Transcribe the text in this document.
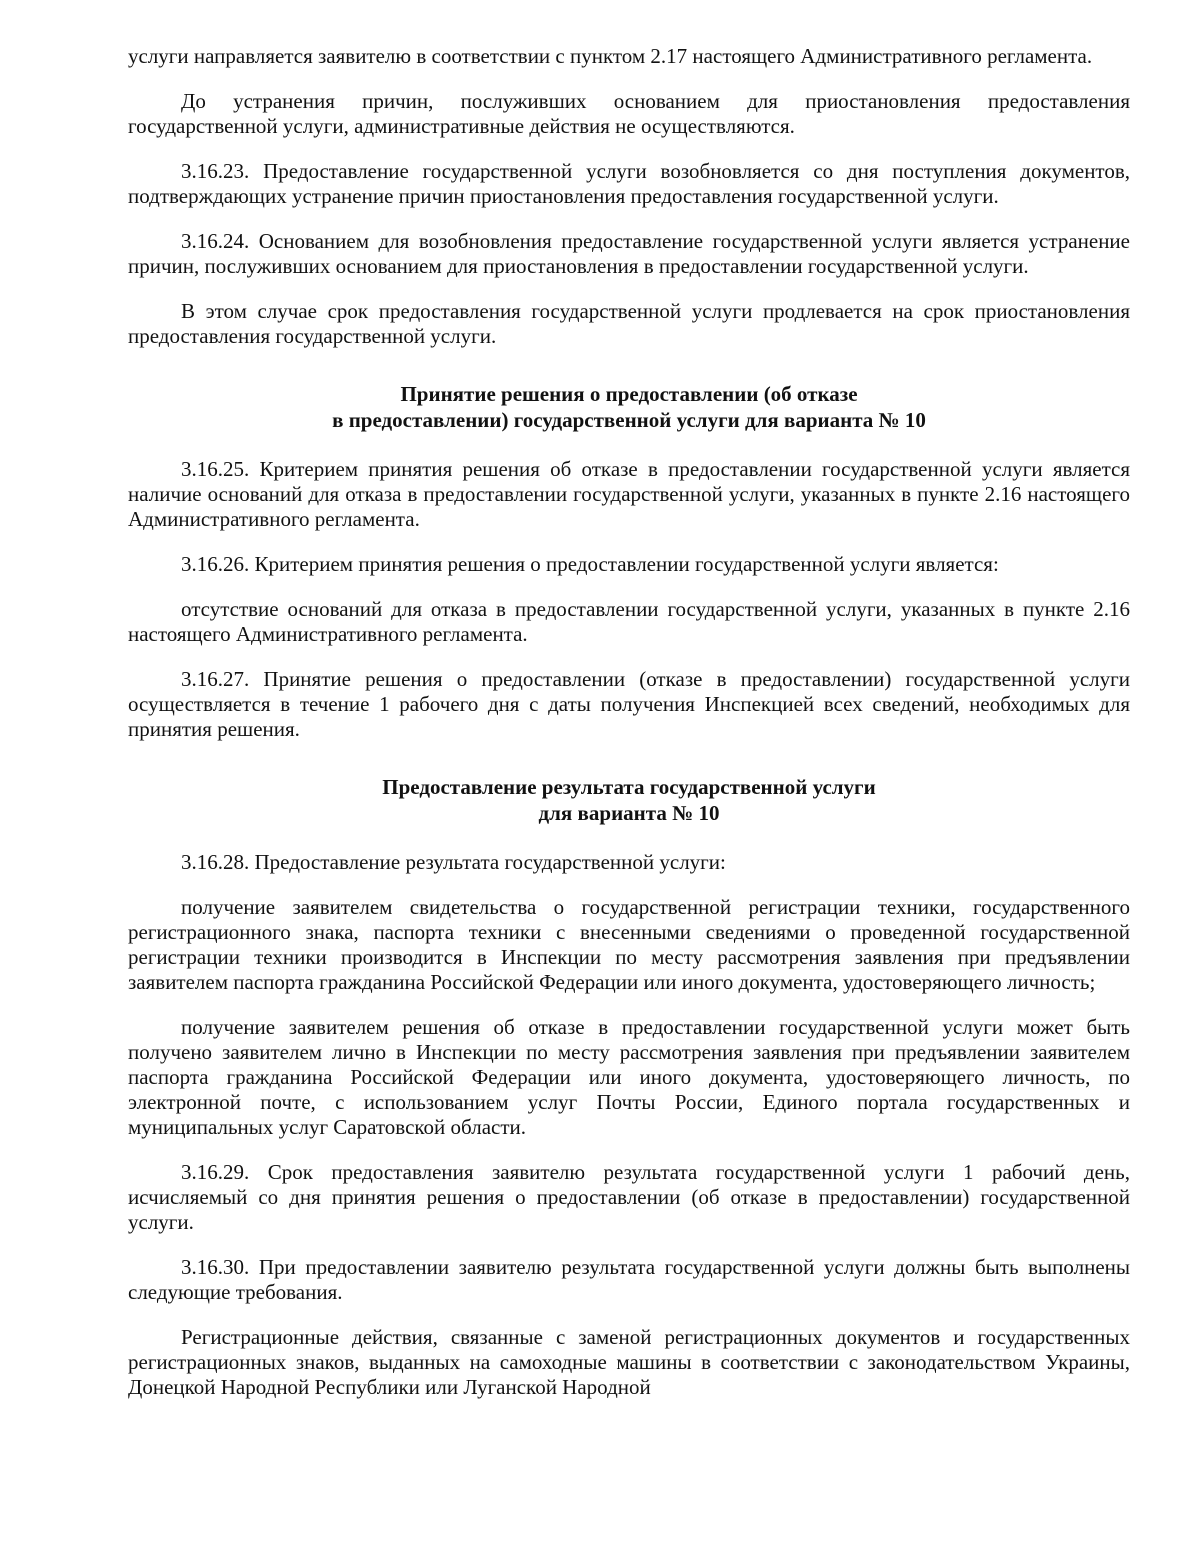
услуги направляется заявителю в соответствии с пунктом 2.17 настоящего Административного регламента.

До устранения причин, послуживших основанием для приостановления предоставления государственной услуги, административные действия не осуществляются.

3.16.23. Предоставление государственной услуги возобновляется со дня поступления документов, подтверждающих устранение причин приостановления предоставления государственной услуги.

3.16.24. Основанием для возобновления предоставление государственной услуги является устранение причин, послуживших основанием для приостановления в предоставлении государственной услуги.

В этом случае срок предоставления государственной услуги продлевается на срок приостановления предоставления государственной услуги.

Принятие решения о предоставлении (об отказе
в предоставлении) государственной услуги для варианта № 10

3.16.25. Критерием принятия решения об отказе в предоставлении государственной услуги является наличие оснований для отказа в предоставлении государственной услуги, указанных в пункте 2.16 настоящего Административного регламента.

3.16.26. Критерием принятия решения о предоставлении государственной услуги является:

отсутствие оснований для отказа в предоставлении государственной услуги, указанных в пункте 2.16 настоящего Административного регламента.

3.16.27. Принятие решения о предоставлении (отказе в предоставлении) государственной услуги осуществляется в течение 1 рабочего дня с даты получения Инспекцией всех сведений, необходимых для принятия решения.

Предоставление результата государственной услуги
для варианта № 10

3.16.28. Предоставление результата государственной услуги:

получение заявителем свидетельства о государственной регистрации техники, государственного регистрационного знака, паспорта техники с внесенными сведениями о проведенной государственной регистрации техники производится в Инспекции по месту рассмотрения заявления при предъявлении заявителем паспорта гражданина Российской Федерации или иного документа, удостоверяющего личность;

получение заявителем решения об отказе в предоставлении государственной услуги может быть получено заявителем лично в Инспекции по месту рассмотрения заявления при предъявлении заявителем паспорта гражданина Российской Федерации или иного документа, удостоверяющего личность, по электронной почте, с использованием услуг Почты России, Единого портала государственных и муниципальных услуг Саратовской области.

3.16.29. Срок предоставления заявителю результата государственной услуги 1 рабочий день, исчисляемый со дня принятия решения о предоставлении (об отказе в предоставлении) государственной услуги.

3.16.30. При предоставлении заявителю результата государственной услуги должны быть выполнены следующие требования.

Регистрационные действия, связанные с заменой регистрационных документов и государственных регистрационных знаков, выданных на самоходные машины в соответствии с законодательством Украины, Донецкой Народной Республики или Луганской Народной
